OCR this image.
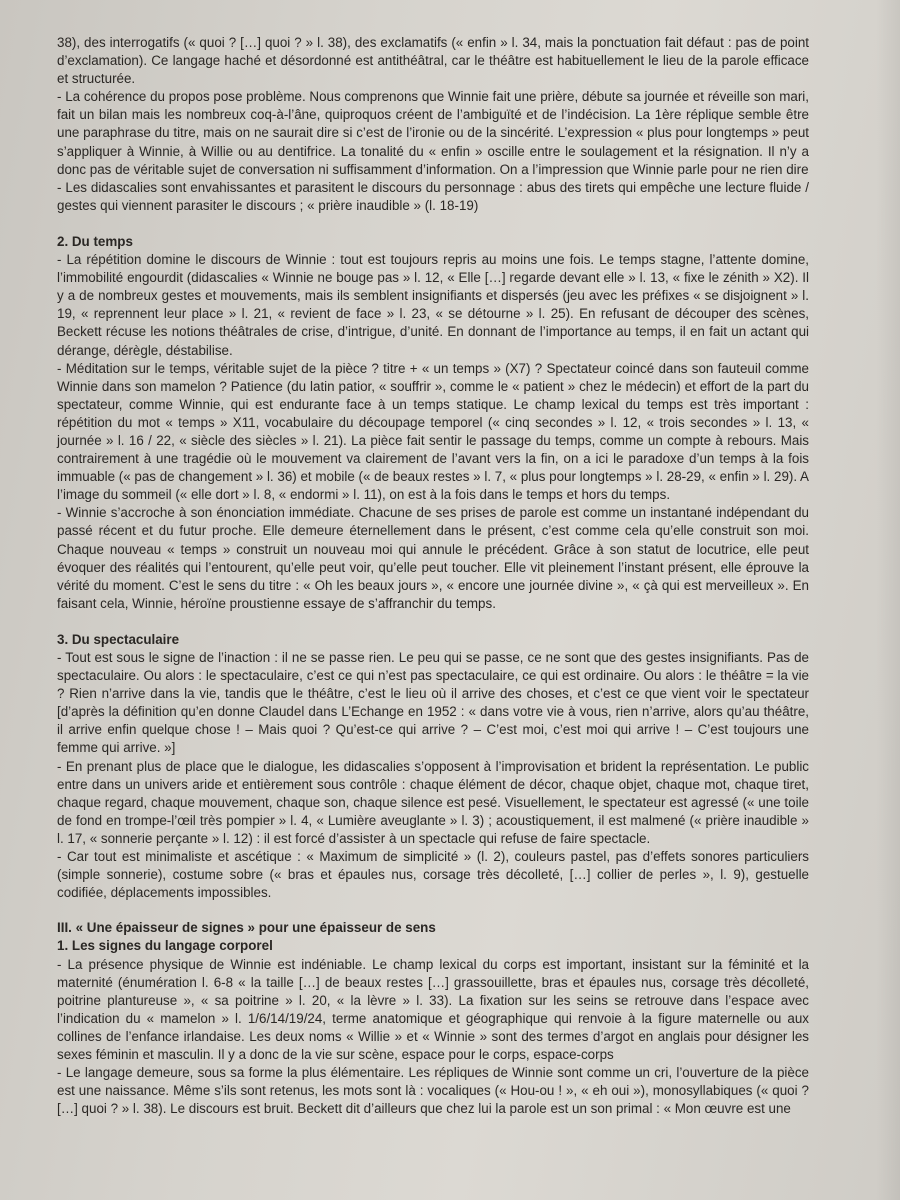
38), des interrogatifs (« quoi ? […] quoi ? » l. 38), des exclamatifs (« enfin » l. 34, mais la ponctuation fait défaut : pas de point d’exclamation). Ce langage haché et désordonné est antithéâtral, car le théâtre est habituellement le lieu de la parole efficace et structurée.

- La cohérence du propos pose problème. Nous comprenons que Winnie fait une prière, débute sa journée et réveille son mari, fait un bilan mais les nombreux coq-à-l’âne, quiproquos créent de l’ambiguïté et de l’indécision. La 1ère réplique semble être une paraphrase du titre, mais on ne saurait dire si c’est de l’ironie ou de la sincérité. L’expression « plus pour longtemps » peut s’appliquer à Winnie, à Willie ou au dentifrice. La tonalité du « enfin » oscille entre le soulagement et la résignation. Il n’y a donc pas de véritable sujet de conversation ni suffisamment d’information. On a l’impression que Winnie parle pour ne rien dire

- Les didascalies sont envahissantes et parasitent le discours du personnage : abus des tirets qui empêche une lecture fluide / gestes qui viennent parasiter le discours ; « prière inaudible » (l. 18-19)

2. Du temps

- La répétition domine le discours de Winnie : tout est toujours repris au moins une fois. Le temps stagne, l’attente domine, l’immobilité engourdit (didascalies « Winnie ne bouge pas » l. 12, « Elle […] regarde devant elle » l. 13, « fixe le zénith » X2). Il y a de nombreux gestes et mouvements, mais ils semblent insignifiants et dispersés (jeu avec les préfixes « se disjoignent » l. 19, « reprennent leur place » l. 21, « revient de face » l. 23, « se détourne » l. 25). En refusant de découper des scènes, Beckett récuse les notions théâtrales de crise, d’intrigue, d’unité. En donnant de l’importance au temps, il en fait un actant qui dérange, dérègle, déstabilise.

- Méditation sur le temps, véritable sujet de la pièce ? titre + « un temps » (X7) ? Spectateur coincé dans son fauteuil comme Winnie dans son mamelon ? Patience (du latin patior, « souffrir », comme le « patient » chez le médecin) et effort de la part du spectateur, comme Winnie, qui est endurante face à un temps statique. Le champ lexical du temps est très important : répétition du mot « temps » X11, vocabulaire du découpage temporel (« cinq secondes » l. 12, « trois secondes » l. 13, « journée » l. 16 / 22, « siècle des siècles » l. 21). La pièce fait sentir le passage du temps, comme un compte à rebours. Mais contrairement à une tragédie où le mouvement va clairement de l’avant vers la fin, on a ici le paradoxe d’un temps à la fois immuable (« pas de changement » l. 36) et mobile (« de beaux restes » l. 7, « plus pour longtemps » l. 28-29, « enfin » l. 29). A l’image du sommeil (« elle dort » l. 8, « endormi » l. 11), on est à la fois dans le temps et hors du temps.

- Winnie s’accroche à son énonciation immédiate. Chacune de ses prises de parole est comme un instantané indépendant du passé récent et du futur proche. Elle demeure éternellement dans le présent, c’est comme cela qu’elle construit son moi. Chaque nouveau « temps » construit un nouveau moi qui annule le précédent. Grâce à son statut de locutrice, elle peut évoquer des réalités qui l’entourent, qu’elle peut voir, qu’elle peut toucher. Elle vit pleinement l’instant présent, elle éprouve la vérité du moment. C’est le sens du titre : « Oh les beaux jours », « encore une journée divine », « çà qui est merveilleux ». En faisant cela, Winnie, héroïne proustienne essaye de s’affranchir du temps.

3. Du spectaculaire

- Tout est sous le signe de l’inaction : il ne se passe rien. Le peu qui se passe, ce ne sont que des gestes insignifiants. Pas de spectaculaire. Ou alors : le spectaculaire, c’est ce qui n’est pas spectaculaire, ce qui est ordinaire. Ou alors : le théâtre = la vie ? Rien n’arrive dans la vie, tandis que le théâtre, c’est le lieu où il arrive des choses, et c’est ce que vient voir le spectateur [d’après la définition qu’en donne Claudel dans L’Echange en 1952 : « dans votre vie à vous, rien n’arrive, alors qu’au théâtre, il arrive enfin quelque chose ! – Mais quoi ? Qu’est-ce qui arrive ? – C’est moi, c’est moi qui arrive ! – C’est toujours une femme qui arrive. »]

- En prenant plus de place que le dialogue, les didascalies s’opposent à l’improvisation et brident la représentation. Le public entre dans un univers aride et entièrement sous contrôle : chaque élément de décor, chaque objet, chaque mot, chaque tiret, chaque regard, chaque mouvement, chaque son, chaque silence est pesé. Visuellement, le spectateur est agressé (« une toile de fond en trompe-l’œil très pompier » l. 4, « Lumière aveuglante » l. 3) ; acoustiquement, il est malmené (« prière inaudible » l. 17, « sonnerie perçante » l. 12) : il est forcé d’assister à un spectacle qui refuse de faire spectacle.

- Car tout est minimaliste et ascétique : « Maximum de simplicité » (l. 2), couleurs pastel, pas d’effets sonores particuliers (simple sonnerie), costume sobre (« bras et épaules nus, corsage très décolleté, […] collier de perles », l. 9), gestuelle codifiée, déplacements impossibles.

III. « Une épaisseur de signes » pour une épaisseur de sens

1. Les signes du langage corporel

- La présence physique de Winnie est indéniable. Le champ lexical du corps est important, insistant sur la féminité et la maternité (énumération l. 6-8 « la taille […] de beaux restes […] grassouillette, bras et épaules nus, corsage très décolleté, poitrine plantureuse », « sa poitrine » l. 20, « la lèvre » l. 33). La fixation sur les seins se retrouve dans l’espace avec l’indication du « mamelon » l. 1/6/14/19/24, terme anatomique et géographique qui renvoie à la figure maternelle ou aux collines de l’enfance irlandaise. Les deux noms « Willie » et « Winnie » sont des termes d’argot en anglais pour désigner les sexes féminin et masculin. Il y a donc de la vie sur scène, espace pour le corps, espace-corps

- Le langage demeure, sous sa forme la plus élémentaire. Les répliques de Winnie sont comme un cri, l’ouverture de la pièce est une naissance. Même s’ils sont retenus, les mots sont là : vocaliques (« Hou-ou ! », « eh oui »), monosyllabiques (« quoi ? […] quoi ? » l. 38). Le discours est bruit. Beckett dit d’ailleurs que chez lui la parole est un son primal : « Mon œuvre est une
